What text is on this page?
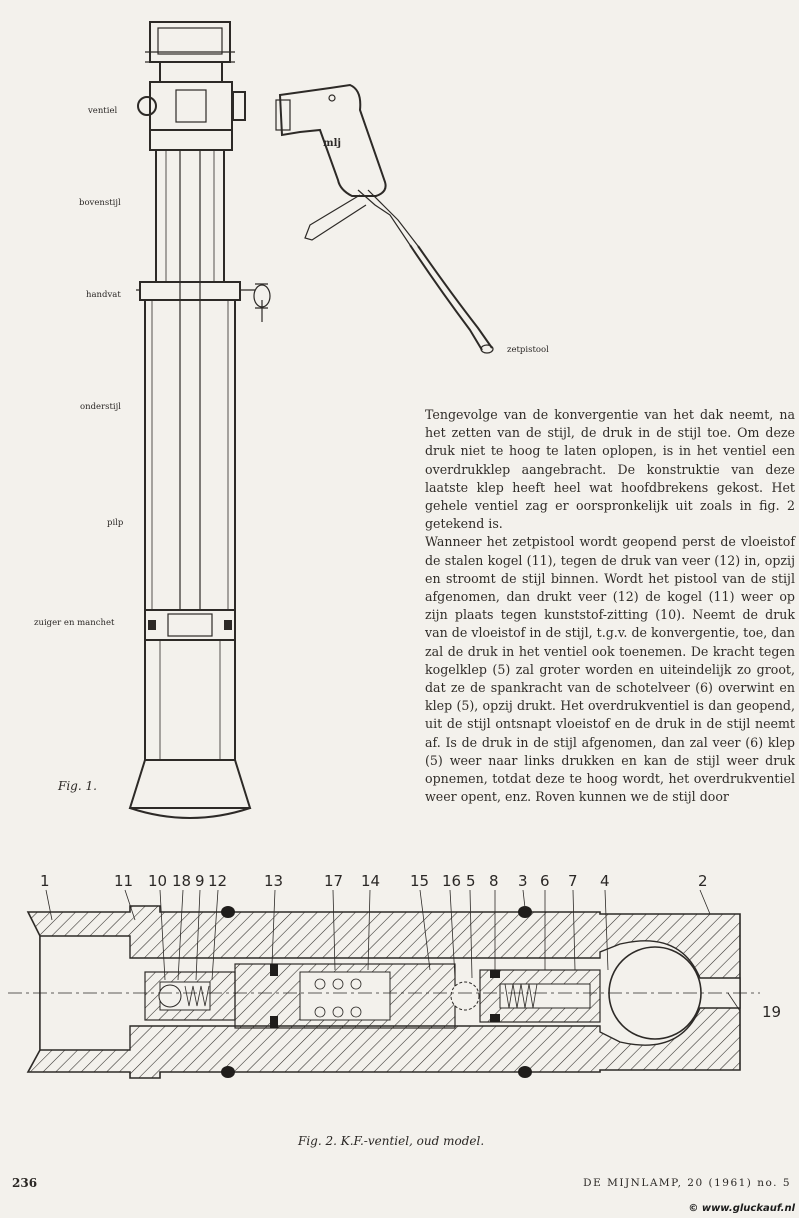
ventiel
bovenstijl
handvat
onderstijl
pilp
zuiger en manchet
mlj
zetpistool
Fig. 1.

Tengevolge van de konvergentie van het dak neemt, na het zetten van de stijl, de druk in de stijl toe. Om deze druk niet te hoog te laten oplopen, is in het ventiel een overdrukklep aangebracht. De konstruktie van deze laatste klep heeft heel wat hoofdbrekens gekost. Het gehele ventiel zag er oorspronkelijk uit zoals in fig. 2 getekend is.

Wanneer het zetpistool wordt geopend perst de vloeistof de stalen kogel (11), tegen de druk van veer (12) in, opzij en stroomt de stijl binnen. Wordt het pistool van de stijl afgenomen, dan drukt veer (12) de kogel (11) weer op zijn plaats tegen kunststof-zitting (10). Neemt de druk van de vloeistof in de stijl, t.g.v. de konvergentie, toe, dan zal de druk in het ventiel ook toenemen. De kracht tegen kogelklep (5) zal groter worden en uiteindelijk zo groot, dat ze de spankracht van de schotelveer (6) overwint en klep (5), opzij drukt. Het overdrukventiel is dan geopend, uit de stijl ontsnapt vloeistof en de druk in de stijl neemt af. Is de druk in de stijl afgenomen, dan zal veer (6) klep (5) weer naar links drukken en kan de stijl weer druk opnemen, totdat deze te hoog wordt, het overdrukventiel weer opent, enz. Roven kunnen we de stijl door

1	11 10 18 9 12 13	17 14 15 16 5 8 3 6 7 4	2
19
Fig. 2. K.F.-ventiel, oud model.
236	DE MIJNLAMP, 20 (1961) no. 5
© www.gluckauf.nl
